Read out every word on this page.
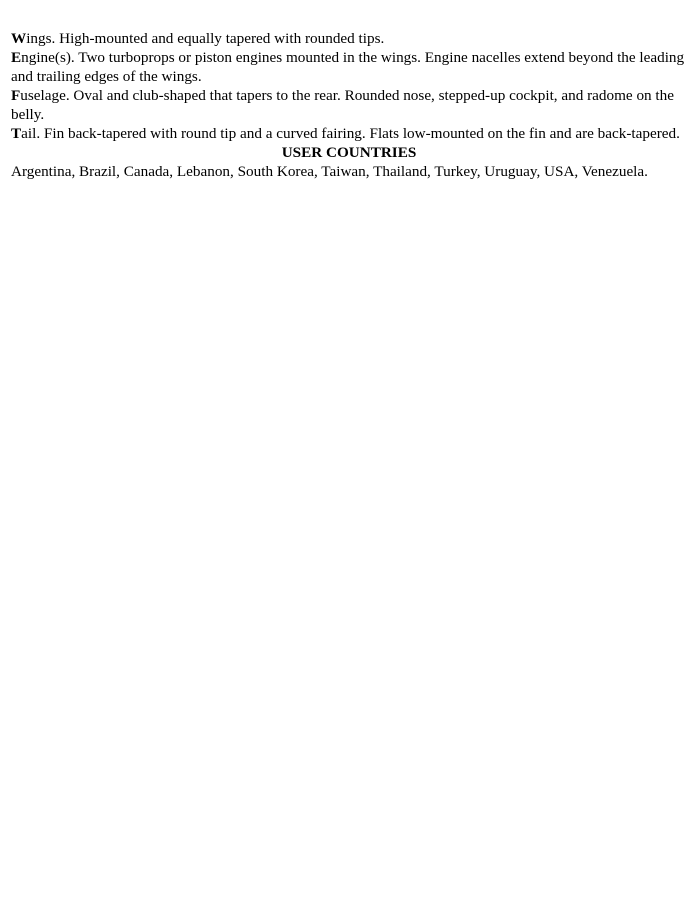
Wings. High-mounted and equally tapered with rounded tips.

Engine(s). Two turboprops or piston engines mounted in the wings. Engine nacelles extend beyond the leading and trailing edges of the wings.

Fuselage. Oval and club-shaped that tapers to the rear. Rounded nose, stepped-up cockpit, and radome on the belly.

Tail. Fin back-tapered with round tip and a curved fairing. Flats low-mounted on the fin and are back-tapered.

USER COUNTRIES

Argentina, Brazil, Canada, Lebanon, South Korea, Taiwan, Thailand, Turkey, Uruguay, USA, Venezuela.
